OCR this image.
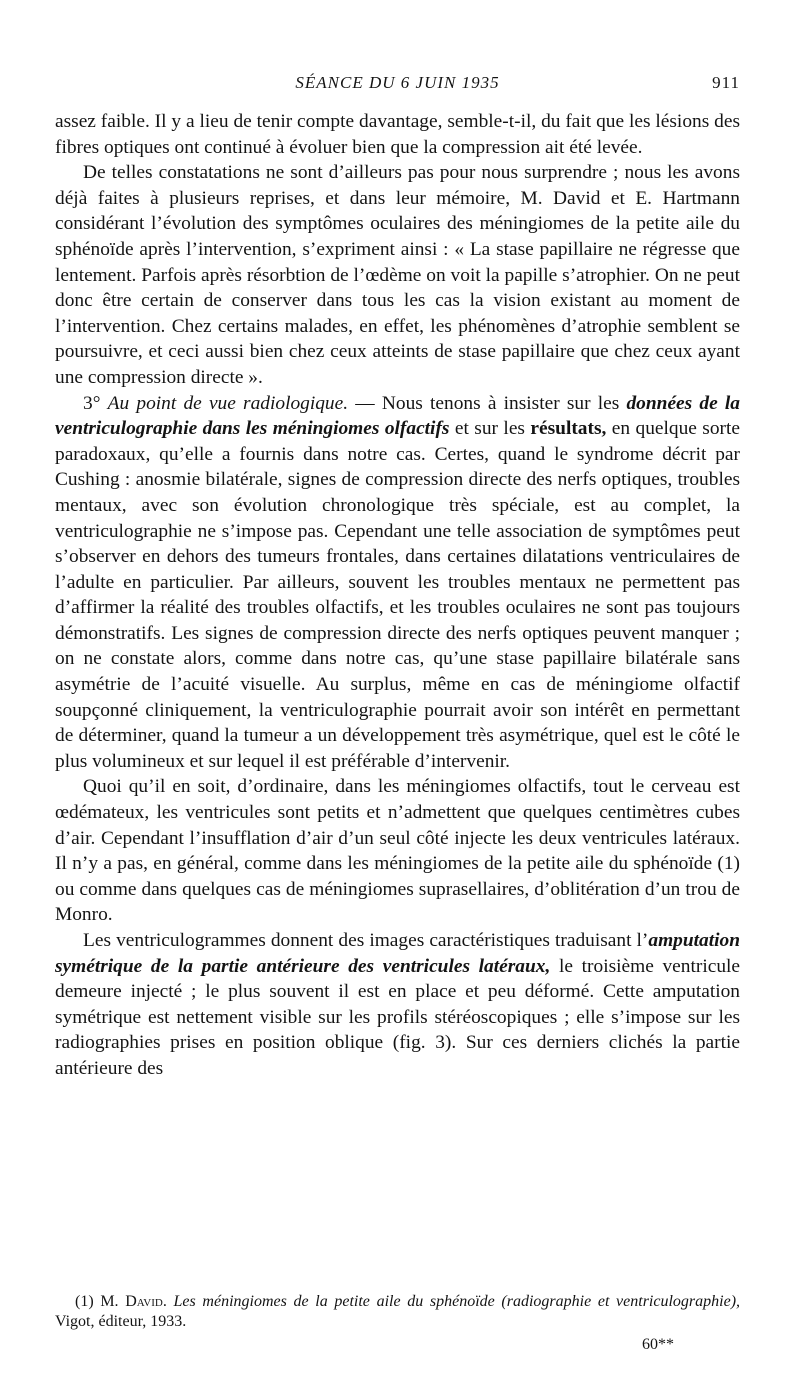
SÉANCE DU 6 JUIN 1935	911

assez faible. Il y a lieu de tenir compte davantage, semble-t-il, du fait que les lésions des fibres optiques ont continué à évoluer bien que la compression ait été levée.

De telles constatations ne sont d’ailleurs pas pour nous surprendre ; nous les avons déjà faites à plusieurs reprises, et dans leur mémoire, M. David et E. Hartmann considérant l’évolution des symptômes oculaires des méningiomes de la petite aile du sphénoïde après l’intervention, s’expriment ainsi : « La stase papillaire ne régresse que lentement. Parfois après résorbtion de l’œdème on voit la papille s’atrophier. On ne peut donc être certain de conserver dans tous les cas la vision existant au moment de l’intervention. Chez certains malades, en effet, les phénomènes d’atrophie semblent se poursuivre, et ceci aussi bien chez ceux atteints de stase papillaire que chez ceux ayant une compression directe ».

3° Au point de vue radiologique. — Nous tenons à insister sur les données de la ventriculographie dans les méningiomes olfactifs et sur les résultats, en quelque sorte paradoxaux, qu’elle a fournis dans notre cas. Certes, quand le syndrome décrit par Cushing : anosmie bilatérale, signes de compression directe des nerfs optiques, troubles mentaux, avec son évolution chronologique très spéciale, est au complet, la ventriculographie ne s’impose pas. Cependant une telle association de symptômes peut s’observer en dehors des tumeurs frontales, dans certaines dilatations ventriculaires de l’adulte en particulier. Par ailleurs, souvent les troubles mentaux ne permettent pas d’affirmer la réalité des troubles olfactifs, et les troubles oculaires ne sont pas toujours démonstratifs. Les signes de compression directe des nerfs optiques peuvent manquer ; on ne constate alors, comme dans notre cas, qu’une stase papillaire bilatérale sans asymétrie de l’acuité visuelle. Au surplus, même en cas de méningiome olfactif soupçonné cliniquement, la ventriculographie pourrait avoir son intérêt en permettant de déterminer, quand la tumeur a un développement très asymétrique, quel est le côté le plus volumineux et sur lequel il est préférable d’intervenir.

Quoi qu’il en soit, d’ordinaire, dans les méningiomes olfactifs, tout le cerveau est œdémateux, les ventricules sont petits et n’admettent que quelques centimètres cubes d’air. Cependant l’insufflation d’air d’un seul côté injecte les deux ventricules latéraux. Il n’y a pas, en général, comme dans les méningiomes de la petite aile du sphénoïde (1) ou comme dans quelques cas de méningiomes suprasellaires, d’oblitération d’un trou de Monro.

Les ventriculogrammes donnent des images caractéristiques traduisant l’amputation symétrique de la partie antérieure des ventricules latéraux, le troisième ventricule demeure injecté ; le plus souvent il est en place et peu déformé. Cette amputation symétrique est nettement visible sur les profils stéréoscopiques ; elle s’impose sur les radiographies prises en position oblique (fig. 3). Sur ces derniers clichés la partie antérieure des

(1) M. David. Les méningiomes de la petite aile du sphénoïde (radiographie et ventriculographie), Vigot, éditeur, 1933.
60**
